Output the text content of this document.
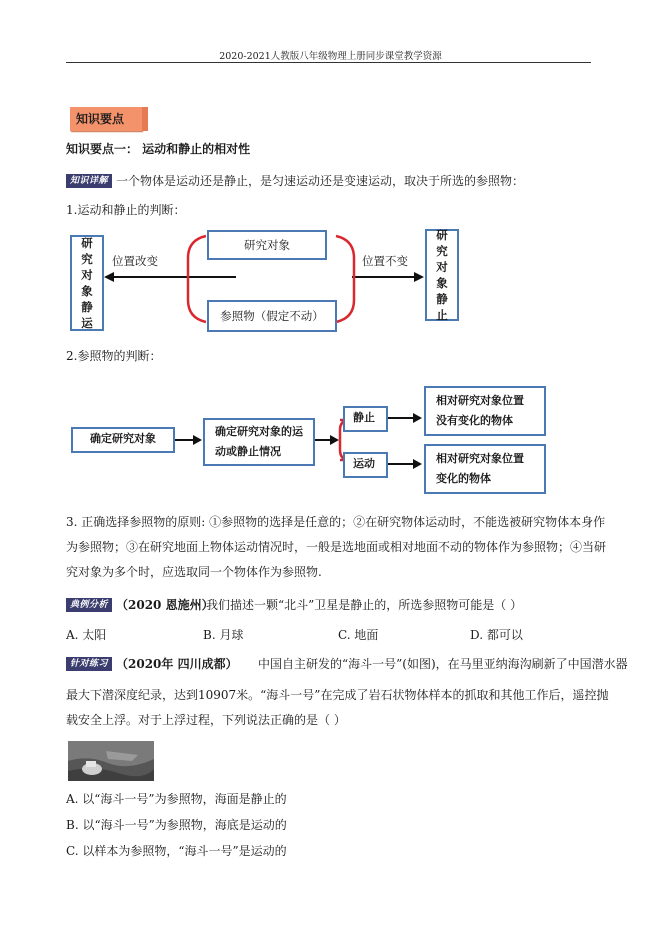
2020-2021人教版八年级物理上册同步课堂教学资源
知识要点
知识要点一： 运动和静止的相对性
知识详解 一个物体是运动还是静止，是匀速运动还是变速运动，取决于所选的参照物：
1.运动和静止的判断：
研究对象静运
研究对象静止
研究对象
参照物（假定不动）
位置改变	位置不变
2.参照物的判断：
确定研究对象
确定研究对象的运动或静止情况
静止
运动
相对研究对象位置没有变化的物体
相对研究对象位置变化的物体
3. 正确选择参照物的原则: ①参照物的选择是任意的；②在研究物体运动时，不能选被研究物体本身作
为参照物；③在研究地面上物体运动情况时，一般是选地面或相对地面不动的物体作为参照物；④当研
究对象为多个时，应选取同一个物体作为参照物.
典例分析 （2020 恩施州）
我们描述一颗“北斗”卫星是静止的，所选参照物可能是（ ）
A. 太阳	B. 月球	C. 地面	D. 都可以
针对练习 （2020年 四川成都） 中国自主研发的“海斗一号”(如图)，在马里亚纳海沟刷新了中国潜水器
最大下潜深度纪录，达到10907米。“海斗一号”在完成了岩石状物体样本的抓取和其他工作后，遥控抛
载安全上浮。对于上浮过程，下列说法正确的是（ ）
A. 以“海斗一号”为参照物，海面是静止的
B. 以“海斗一号”为参照物，海底是运动的
C. 以样本为参照物，“海斗一号”是运动的
